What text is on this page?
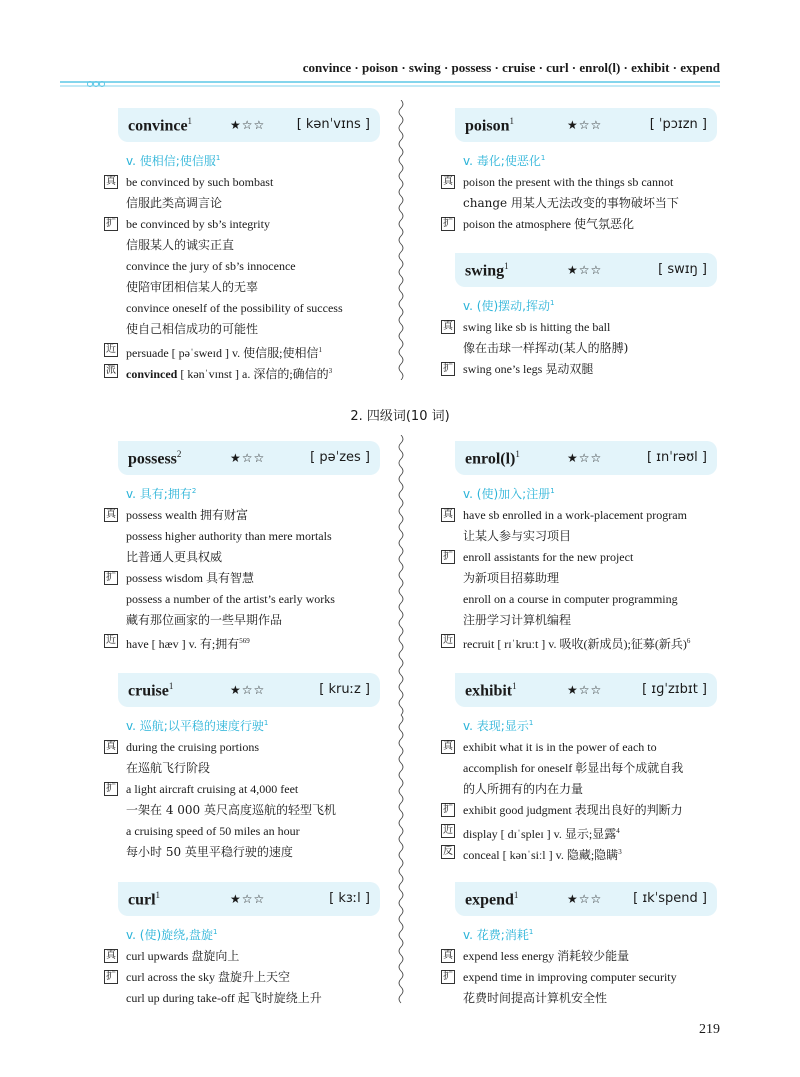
convince · poison · swing · possess · cruise · curl · enrol(l) · exhibit · expend
convince$^1$	★☆☆ [ kənˈvɪns ]
v. 使相信;使信服$^1$
真 be convinced by such bombast
信服此类高调言论
扩 be convinced by sb’s integrity
信服某人的诚实正直
convince the jury of sb’s innocence
使陪审团相信某人的无辜
convince oneself of the possibility of success
使自己相信成功的可能性
近 persuade [ pəˈsweɪd ] v. 使信服;使相信$^1$
派 convinced [ kənˈvɪnst ] a. 深信的;确信的$^3$
poison$^1$	★☆☆	[ ˈpɔɪzn ]
v. 毒化;使恶化$^1$
真 poison the present with the things sb cannot
change 用某人无法改变的事物破坏当下
扩 poison the atmosphere 使气氛恶化
swing$^1$	★☆☆	[ swɪŋ ]
v. (使)摆动,挥动$^1$
真 swing like sb is hitting the ball
像在击球一样挥动(某人的胳膊)
扩 swing one’s legs 晃动双腿
2. 四级词(10 词)
possess$^2$	★☆☆	[ pəˈzes ]
v. 具有;拥有$^2$
真 possess wealth 拥有财富
possess higher authority than mere mortals
比普通人更具权威
扩 possess wisdom 具有智慧
possess a number of the artist’s early works
藏有那位画家的一些早期作品
近 have [ hæv ] v. 有;拥有$^{569}$
cruise$^1$	★☆☆	[ kruːz ]
v. 巡航;以平稳的速度行驶$^1$
真 during the cruising portions
在巡航飞行阶段
扩 a light aircraft cruising at 4,000 feet
一架在 4 000 英尺高度巡航的轻型飞机
a cruising speed of 50 miles an hour
每小时 50 英里平稳行驶的速度
curl$^1$	★☆☆	[ kɜːl ]
v. (使)旋绕,盘旋$^1$
真 curl upwards 盘旋向上
扩 curl across the sky 盘旋升上天空
curl up during take-off 起飞时旋绕上升
$enrol(l)^1$	★☆☆	[ ɪnˈrəʊl ]
v. (使)加入;注册$^1$
真 have sb enrolled in a work-placement program
让某人参与实习项目
扩 enroll assistants for the new project
为新项目招募助理
enroll on a course in computer programming
注册学习计算机编程
近 recruit [ rɪˈkruːt ] v. 吸收(新成员);征募(新兵)$^6$
exhibit$^1$	★☆☆	[ ɪɡˈzɪbɪt ]
v. 表现;显示$^1$
真 exhibit what it is in the power of each to
accomplish for oneself 彰显出每个成就自我
的人所拥有的内在力量
扩 exhibit good judgment 表现出良好的判断力
近 display [ dɪˈspleɪ ] v. 显示;显露$^4$
反 conceal [ kənˈsiːl ] v. 隐藏;隐瞒$^3$
expend$^1$	★☆☆ [ ɪkˈspend ]
v. 花费;消耗$^1$
真 expend less energy 消耗较少能量
扩 expend time in improving computer security
花费时间提高计算机安全性
219
